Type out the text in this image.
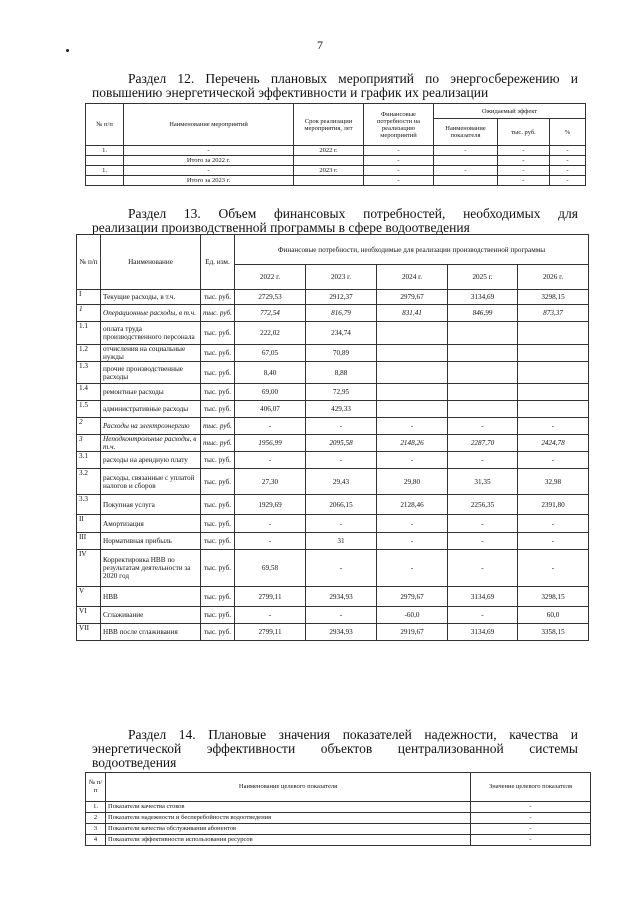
7
Раздел 12. Перечень плановых мероприятий по энергосбережению и
повышению энергетической эффективности и график их реализации
№ п/п	Наименование мероприятий	Срок реализации мероприятия, лет	Финансовые потребности на реализацию мероприятий	Ожидаемый эффект		
				Наименование показателя	тыс. руб.	%
1.	-	2022 г.	-	-	-	-
	Итого за 2022 г.		-		-	-
1.	-	2023 г.	-	-	-	-
	Итого за 2023 г.		-		-	-
Раздел 13. Объем финансовых потребностей, необходимых для
реализации производственной программы в сфере водоотведения
№ п/п	Наименование	Ед. изм.	Финансовые потребности, необходимые для реализации производственной программы				
			2022 г.	2023 г.	2024 г.	2025 г.	2026 г.
I	Текущие расходы, в т.ч.	тыс. руб.	2729,53	2912,37	2979,67	3134,69	3298,15
1	Операционные расходы, в т.ч.	тыс. руб.	772,54	816,79	831,41	846,99	873,37
1.1	оплата труда производственного персонала	тыс. руб.	222,02	234,74			
1.2	отчисления на социальные нужды	тыс. руб.	67,05	70,89			
1.3	прочие производственные расходы	тыс. руб.	8,40	8,88			
1.4	ремонтные расходы	тыс. руб.	69,00	72,95			
1.5	административные расходы	тыс. руб.	406,07	429,33			
2	Расходы на электроэнергию	тыс. руб.	-	-	-	-	-
3	Неподконтрольные расходы, в т.ч.	тыс. руб.	1956,99	2095,58	2148,26	2287,70	2424,78
3.1	расходы на арендную плату	тыс. руб.	-	-	-	-	-
3.2	расходы, связанные с уплатой налогов и сборов	тыс. руб.	27,30	29,43	29,80	31,35	32,98
3.3	Покупная услуга	тыс. руб.	1929,69	2066,15	2128,46	2256,35	2391,80
II	Амортизация	тыс. руб.	-	-	-	-	-
III	Нормативная прибыль	тыс. руб.	-	31	-	-	-
IV	Корректировка НВВ по результатам деятельности за 2020 год	тыс. руб.	69,58	-	-	-	-
V	НВВ	тыс. руб.	2799,11	2934,93	2979,67	3134,69	3298,15
VI	Сглаживание	тыс. руб.	-	-	-60,0	-	60,0
VII	НВВ после сглаживания	тыс. руб.	2799,11	2934,93	2919,67	3134,69	3358,15
Раздел 14. Плановые значения показателей надежности, качества и
энергетической эффективности объектов централизованной системы
водоотведения
№ п/п	Наименование целевого показателя	Значение целевого показателя
1.	Показатели качества стоков	-
2	Показатели надежности и бесперебойности водоотведения	-
3	Показатели качества обслуживания абонентов	-
4	Показатели эффективности использования ресурсов	-
